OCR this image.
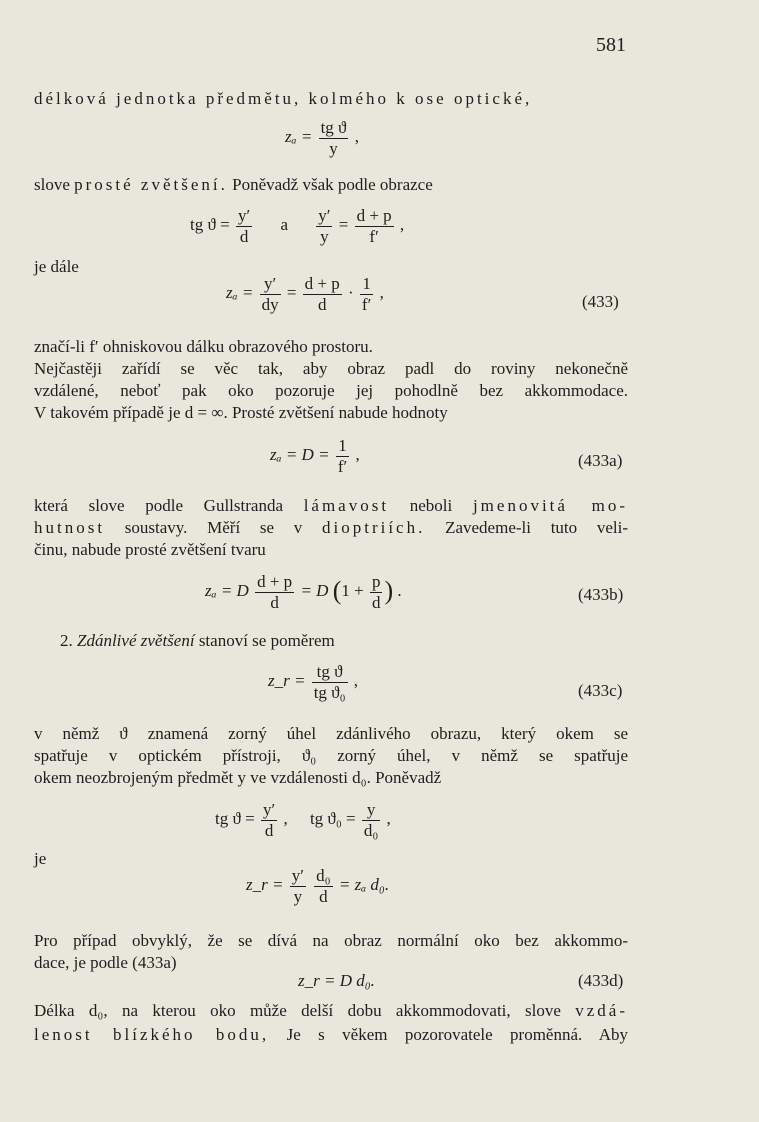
581
délková jednotka předmětu, kolmého k ose optické,
$z_a = \frac{\text{tg ϑ}}{y}$ ,
slove prosté zvětšení. Poněvadž však podle obrazce
tg $ϑ = \frac{y'}{d}$ a $\frac{y'}{y} = \frac{d + p}{f'}$ ,
je dále
$z_a = \frac{y'}{dy} = \frac{d + p}{d} \cdot \frac{1}{f'}$ ,	(433)
značí-li f′ ohniskovou dálku obrazového prostoru.
Nejčastěji zařídí se věc tak, aby obraz padl do roviny nekonečně
vzdálené, neboť pak oko pozoruje jej pohodlně bez akkommodace.
V takovém případě je d = ∞. Prosté zvětšení nabude hodnoty
$z_a = D = \frac{1}{f'}$ ,	(433a)
která slove podle Gullstranda lámavost neboli jmenovitá mo-
hutnost soustavy. Měří se v dioptriích. Zavedeme-li tuto veli-
činu, nabude prosté zvětšení tvaru
zₐ = D $\frac{d + p}{d} = D$ ($1 + \frac{p}{d}$ ) .	(433b)
2. Zdánlivé zvětšení stanoví se poměrem
z_r = $\frac{\text{tg ϑ}}{\text{tg ϑ₀}}$ ,
(433c)
v němž ϑ znamená zorný úhel zdánlivého obrazu, který okem se
spatřuje v optickém přístroji, ϑ₀ zorný úhel, v němž se spatřuje
okem neozbrojeným předmět y ve vzdálenosti d₀. Poněvadž
tg $ϑ = \frac{y'}{d}$ , tg $ϑ_0 = \frac{y}{\text{d₀}}$ ,
je
z_r = $\frac{y'}{y}$
$\frac{\text{d₀}}{d} = z_a$ d₀.
Pro případ obvyklý, že se dívá na obraz normální oko bez akkommo-
dace, je podle (433a)
z_r = D d₀.	(433d)
Délka d₀, na kterou oko může delší dobu akkommodovati, slove vzdá-
lenost blízkého bodu, Je s věkem pozorovatele proměnná. Aby
